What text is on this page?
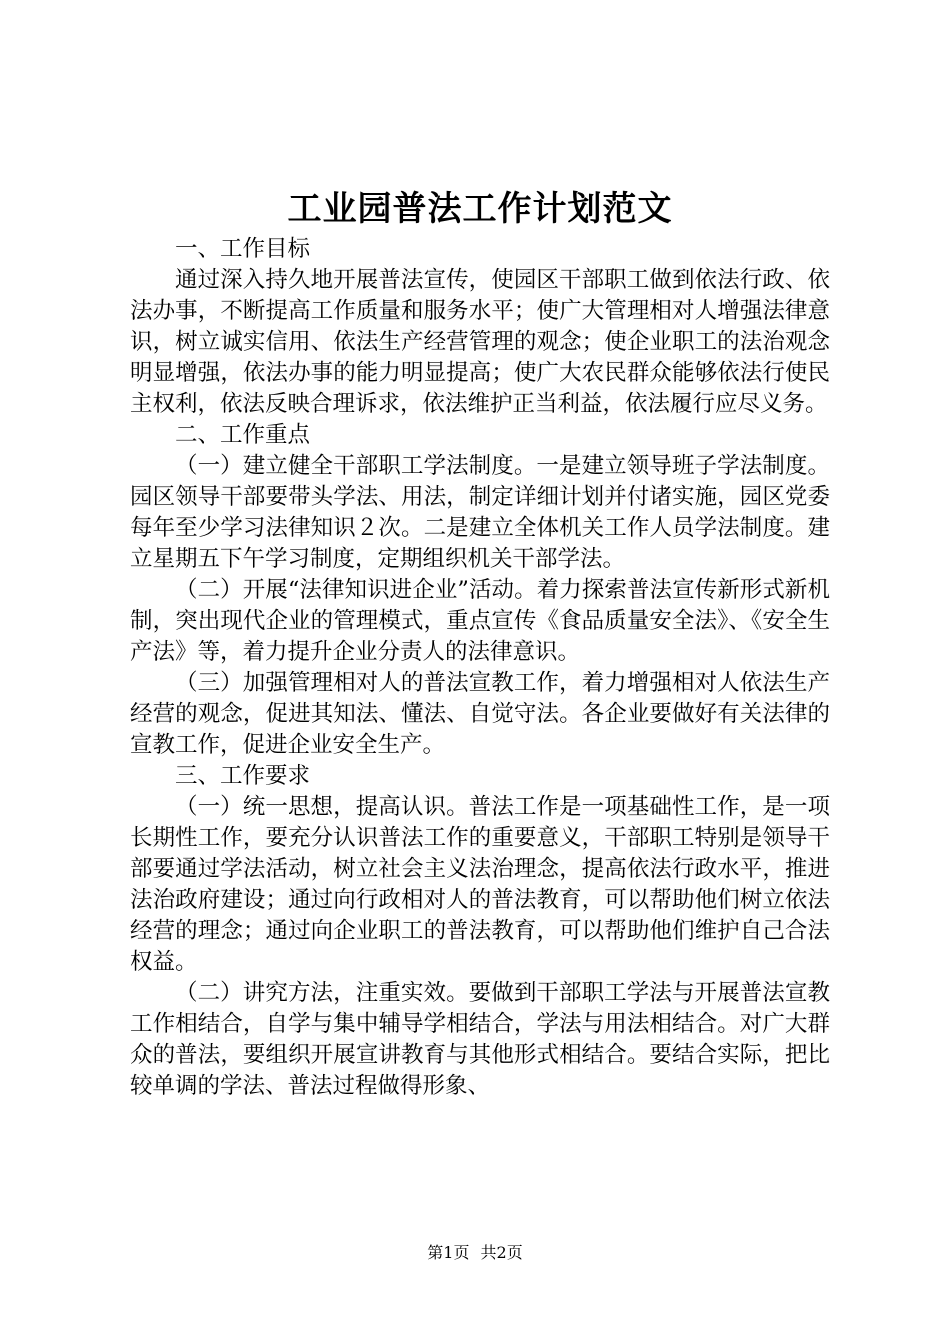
工业园普法工作计划范文

一、工作目标

通过深入持久地开展普法宣传，使园区干部职工做到依法行政、依法办事，不断提高工作质量和服务水平；使广大管理相对人增强法律意识，树立诚实信用、依法生产经营管理的观念；使企业职工的法治观念明显增强，依法办事的能力明显提高；使广大农民群众能够依法行使民主权利，依法反映合理诉求，依法维护正当利益，依法履行应尽义务。

二、工作重点

（一）建立健全干部职工学法制度。一是建立领导班子学法制度。园区领导干部要带头学法、用法，制定详细计划并付诸实施，园区党委每年至少学习法律知识２次。二是建立全体机关工作人员学法制度。建立星期五下午学习制度，定期组织机关干部学法。

（二）开展“法律知识进企业”活动。着力探索普法宣传新形式新机制，突出现代企业的管理模式，重点宣传《食品质量安全法》、《安全生产法》等，着力提升企业分责人的法律意识。

（三）加强管理相对人的普法宣教工作，着力增强相对人依法生产经营的观念，促进其知法、懂法、自觉守法。各企业要做好有关法律的宣教工作，促进企业安全生产。

三、工作要求

（一）统一思想，提高认识。普法工作是一项基础性工作，是一项长期性工作，要充分认识普法工作的重要意义，干部职工特别是领导干部要通过学法活动，树立社会主义法治理念，提高依法行政水平，推进法治政府建设；通过向行政相对人的普法教育，可以帮助他们树立依法经营的理念；通过向企业职工的普法教育，可以帮助他们维护自己合法权益。

（二）讲究方法，注重实效。要做到干部职工学法与开展普法宣教工作相结合，自学与集中辅导学相结合，学法与用法相结合。对广大群众的普法，要组织开展宣讲教育与其他形式相结合。要结合实际，把比较单调的学法、普法过程做得形象、

第1页 共2页
